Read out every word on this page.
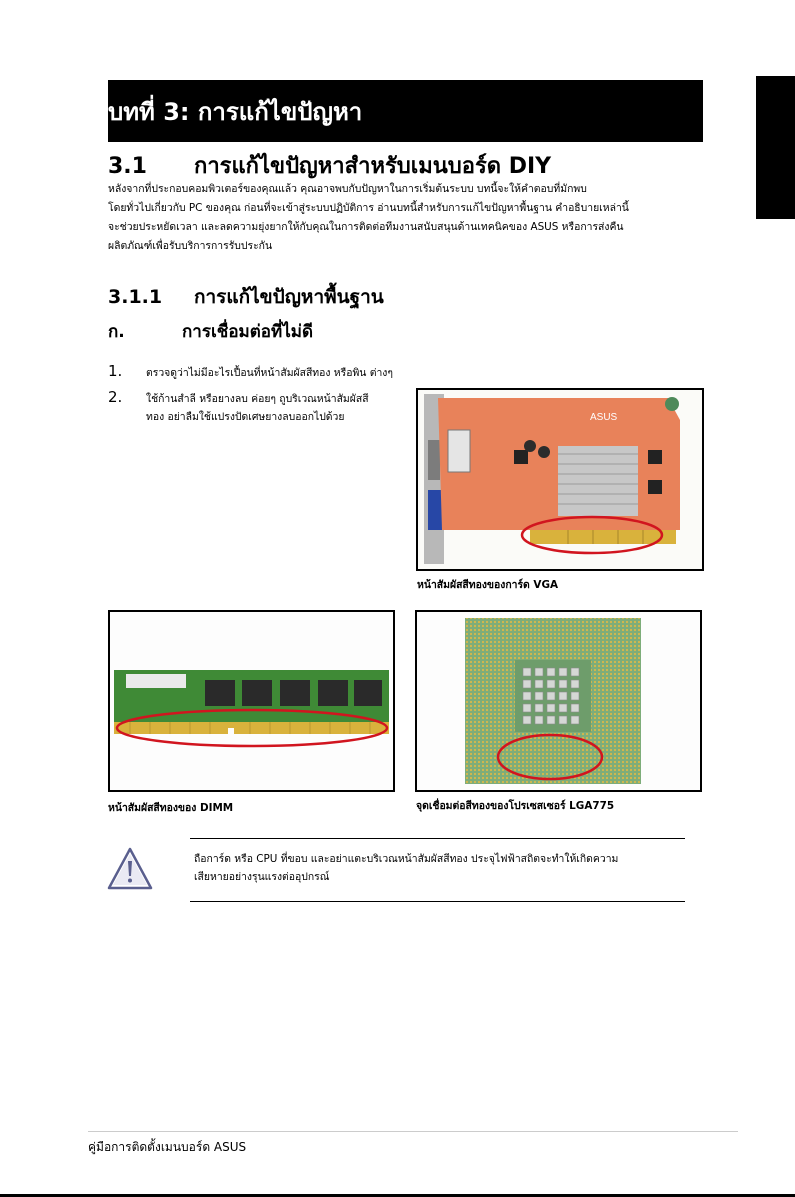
บทที่ 3: การแก้ไขปัญหา
3.1 การแก้ไขปัญหาสำหรับเมนบอร์ด DIY
หลังจากที่ประกอบคอมพิวเตอร์ของคุณแล้ว คุณอาจพบกับปัญหาในการเริ่มต้นระบบ บทนี้จะให้คำตอบที่มักพบ
โดยทั่วไปเกี่ยวกับ PC ของคุณ ก่อนที่จะเข้าสู่ระบบปฏิบัติการ อ่านบทนี้สำหรับการแก้ไขปัญหาพื้นฐาน คำอธิบายเหล่านี้
จะช่วยประหยัดเวลา และลดความยุ่งยากให้กับคุณในการติดต่อทีมงานสนับสนุนด้านเทคนิคของ ASUS หรือการส่งคืน
ผลิตภัณฑ์เพื่อรับบริการการรับประกัน
3.1.1 การแก้ไขปัญหาพื้นฐาน
ก.	การเชื่อมต่อที่ไม่ดี
1. ตรวจดูว่าไม่มีอะไรเปื้อนที่หน้าสัมผัสสีทอง หรือพิน ต่างๆ
2. ใช้ก้านสำลี หรือยางลบ ค่อยๆ ถูบริเวณหน้าสัมผัสสี
ทอง อย่าลืมใช้แปรงปัดเศษยางลบออกไปด้วย	ASUS
หน้าสัมผัสสีทองของการ์ด VGA
หน้าสัมผัสสีทองของ DIMM	จุดเชื่อมต่อสีทองของโปรเซสเซอร์ LGA775
ถือการ์ด หรือ CPU ที่ขอบ และอย่าแตะบริเวณหน้าสัมผัสสีทอง ประจุไฟฟ้าสถิตจะทำให้เกิดความ
เสียหายอย่างรุนแรงต่ออุปกรณ์
คู่มือการติดตั้งเมนบอร์ด ASUS
